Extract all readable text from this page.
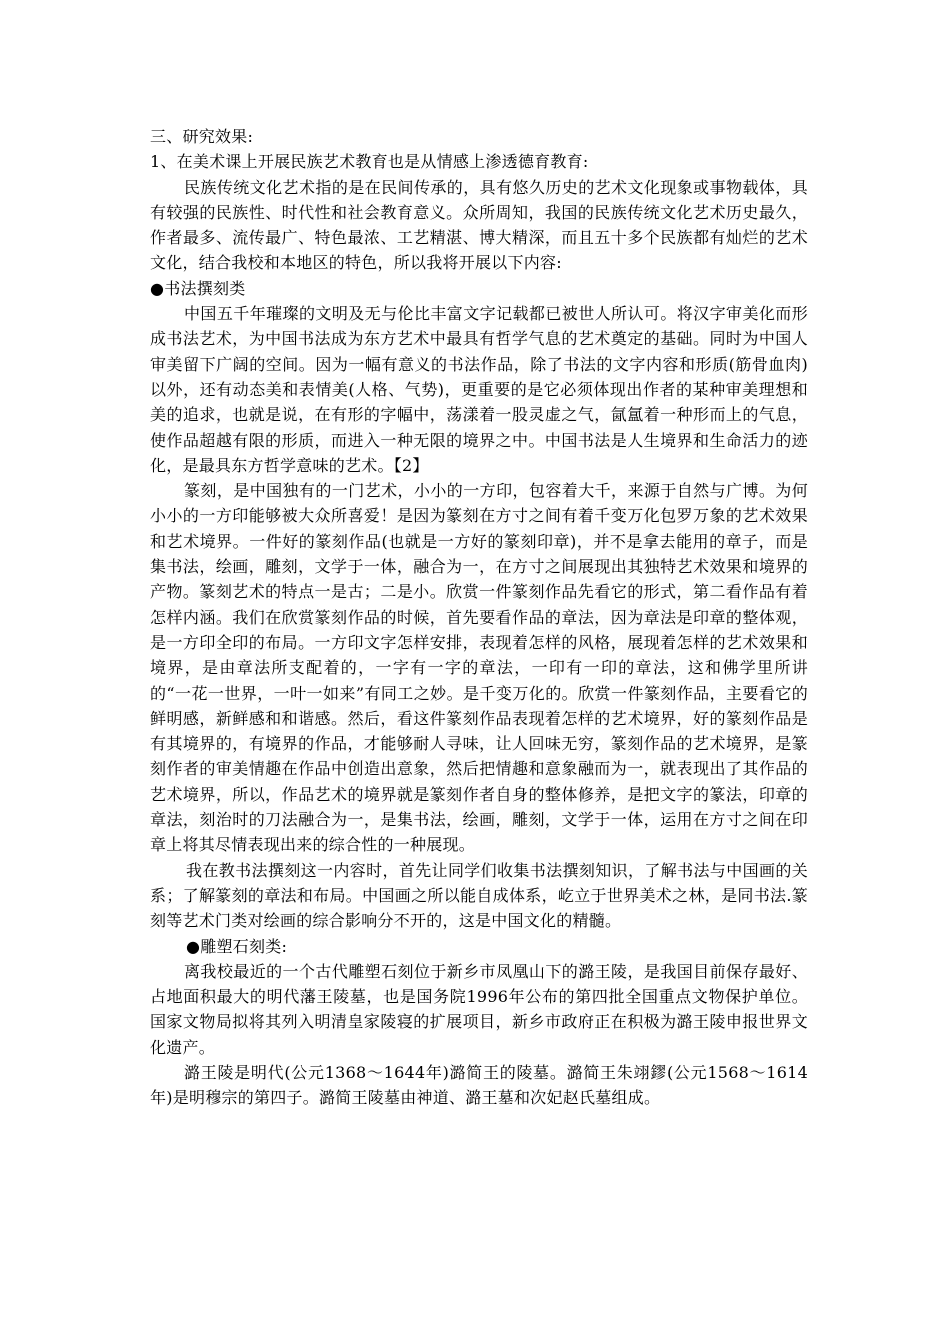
三、研究效果:
1、在美术课上开展民族艺术教育也是从情感上渗透德育教育:

民族传统文化艺术指的是在民间传承的，具有悠久历史的艺术文化现象或事物载体，具有较强的民族性、时代性和社会教育意义。众所周知，我国的民族传统文化艺术历史最久，作者最多、流传最广、特色最浓、工艺精湛、博大精深，而且五十多个民族都有灿烂的艺术文化，结合我校和本地区的特色，所以我将开展以下内容:

●书法撰刻类

中国五千年璀璨的文明及无与伦比丰富文字记载都已被世人所认可。将汉字审美化而形成书法艺术，为中国书法成为东方艺术中最具有哲学气息的艺术奠定的基础。同时为中国人审美留下广阔的空间。因为一幅有意义的书法作品，除了书法的文字内容和形质(筋骨血肉)以外，还有动态美和表情美(人格、气势)，更重要的是它必须体现出作者的某种审美理想和美的追求，也就是说，在有形的字幅中，荡漾着一股灵虚之气，氤氲着一种形而上的气息，使作品超越有限的形质，而进入一种无限的境界之中。中国书法是人生境界和生命活力的迹化，是最具东方哲学意味的艺术。【2】

篆刻，是中国独有的一门艺术，小小的一方印，包容着大千，来源于自然与广博。为何小小的一方印能够被大众所喜爱！是因为篆刻在方寸之间有着千变万化包罗万象的艺术效果和艺术境界。一件好的篆刻作品(也就是一方好的篆刻印章)，并不是拿去能用的章子，而是集书法，绘画，雕刻，文学于一体，融合为一，在方寸之间展现出其独特艺术效果和境界的产物。篆刻艺术的特点一是古；二是小。欣赏一件篆刻作品先看它的形式，第二看作品有着怎样内涵。我们在欣赏篆刻作品的时候，首先要看作品的章法，因为章法是印章的整体观，是一方印全印的布局。一方印文字怎样安排，表现着怎样的风格，展现着怎样的艺术效果和境界，是由章法所支配着的，一字有一字的章法，一印有一印的章法，这和佛学里所讲的“一花一世界，一叶一如来”有同工之妙。是千变万化的。欣赏一件篆刻作品，主要看它的鲜明感，新鲜感和和谐感。然后，看这件篆刻作品表现着怎样的艺术境界，好的篆刻作品是有其境界的，有境界的作品，才能够耐人寻味，让人回味无穷，篆刻作品的艺术境界，是篆刻作者的审美情趣在作品中创造出意象，然后把情趣和意象融而为一，就表现出了其作品的艺术境界，所以，作品艺术的境界就是篆刻作者自身的整体修养，是把文字的篆法，印章的章法，刻治时的刀法融合为一，是集书法，绘画，雕刻，文学于一体，运用在方寸之间在印章上将其尽情表现出来的综合性的一种展现。

我在教书法撰刻这一内容时，首先让同学们收集书法撰刻知识，了解书法与中国画的关系；了解篆刻的章法和布局。中国画之所以能自成体系，屹立于世界美术之林，是同书法.篆刻等艺术门类对绘画的综合影响分不开的，这是中国文化的精髓。

●雕塑石刻类:

离我校最近的一个古代雕塑石刻位于新乡市凤凰山下的潞王陵，是我国目前保存最好、占地面积最大的明代藩王陵墓，也是国务院1996年公布的第四批全国重点文物保护单位。国家文物局拟将其列入明清皇家陵寝的扩展项目，新乡市政府正在积极为潞王陵申报世界文化遗产。

潞王陵是明代(公元1368～1644年)潞简王的陵墓。潞简王朱翊鏐(公元1568～1614年)是明穆宗的第四子。潞简王陵墓由神道、潞王墓和次妃赵氏墓组成。
